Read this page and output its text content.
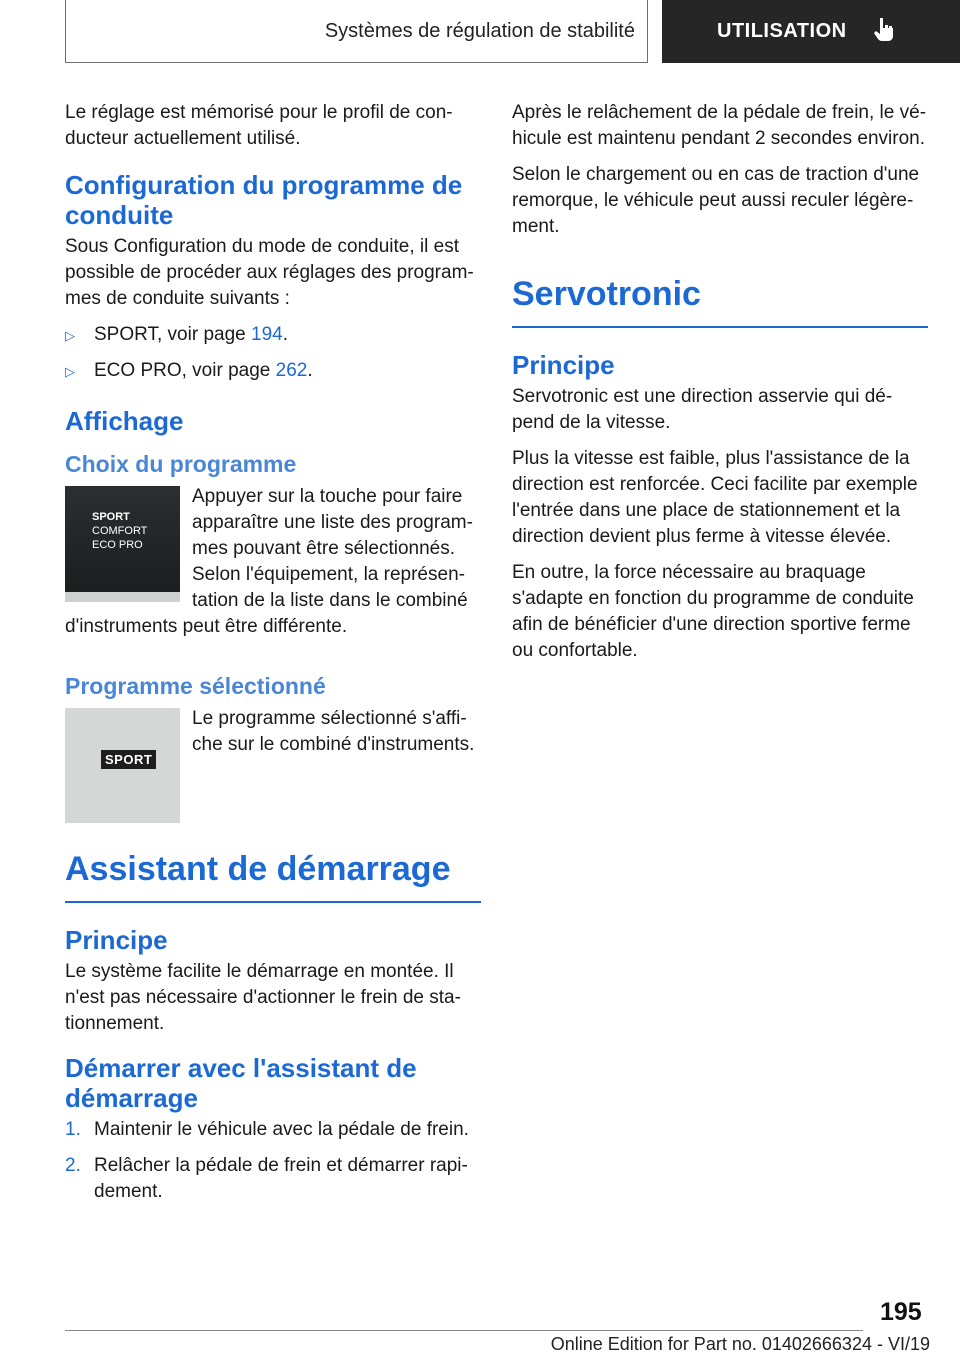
Systèmes de régulation de stabilité	UTILISATION

Le réglage est mémorisé pour le profil de con-ducteur actuellement utilisé.

Configuration du programme de conduite

Sous Configuration du mode de conduite, il est possible de procéder aux réglages des program-mes de conduite suivants :

▷ SPORT, voir page 194.
▷ ECO PRO, voir page 262.
Affichage
Choix du programme
SPORT
COMFORT
ECO PRO

Appuyer sur la touche pour faire apparaître une liste des program-mes pouvant être sélectionnés. Selon l'équipement, la représen-tation de la liste dans le combiné d'instruments peut être différente.

Programme sélectionné
SPORT

Le programme sélectionné s'affi-che sur le combiné d'instruments.

Assistant de démarrage
Principe

Le système facilite le démarrage en montée. Il n'est pas nécessaire d'actionner le frein de sta-tionnement.

Démarrer avec l'assistant de démarrage
1. Maintenir le véhicule avec la pédale de frein.
2. Relâcher la pédale de frein et démarrer rapi-dement.

Après le relâchement de la pédale de frein, le vé-hicule est maintenu pendant 2 secondes environ.

Selon le chargement ou en cas de traction d'une remorque, le véhicule peut aussi reculer légère-ment.

Servotronic
Principe

Servotronic est une direction asservie qui dé-pend de la vitesse.

Plus la vitesse est faible, plus l'assistance de la direction est renforcée. Ceci facilite par exemple l'entrée dans une place de stationnement et la direction devient plus ferme à vitesse élevée.

En outre, la force nécessaire au braquage s'adapte en fonction du programme de conduite afin de bénéficier d'une direction sportive ferme ou confortable.

195
Online Edition for Part no. 01402666324 - VI/19
